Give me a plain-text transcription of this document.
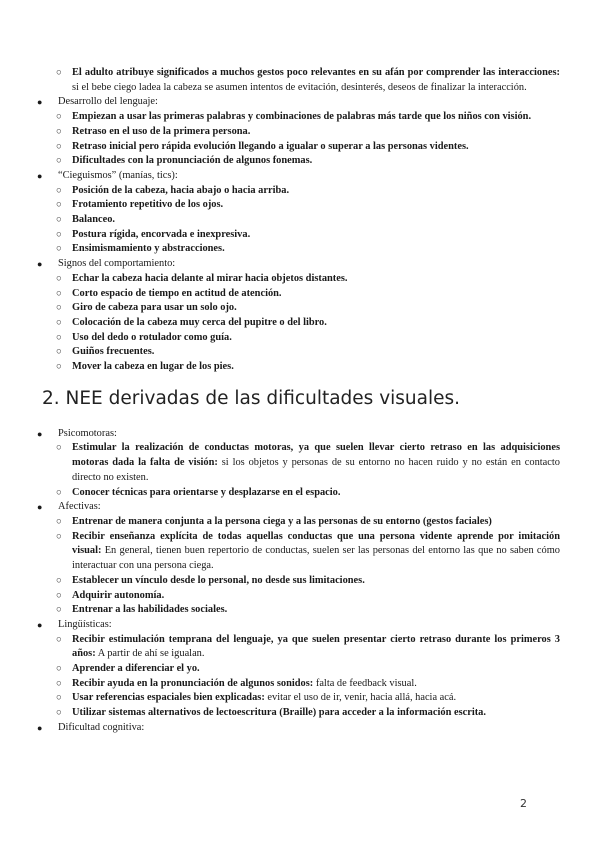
○ El adulto atribuye significados a muchos gestos poco relevantes en su afán por comprender las interacciones: si el bebe ciego ladea la cabeza se asumen intentos de evitación, desinterés, deseos de finalizar la interacción.
● Desarrollo del lenguaje:
○ Empiezan a usar las primeras palabras y combinaciones de palabras más tarde que los niños con visión.
○ Retraso en el uso de la primera persona.
○ Retraso inicial pero rápida evolución llegando a igualar o superar a las personas videntes.
○ Dificultades con la pronunciación de algunos fonemas.
● “Cieguismos” (manías, tics):
○ Posición de la cabeza, hacia abajo o hacia arriba.
○ Frotamiento repetitivo de los ojos.
○ Balanceo.
○ Postura rígida, encorvada e inexpresiva.
○ Ensimismamiento y abstracciones.
● Signos del comportamiento:
○ Echar la cabeza hacia delante al mirar hacia objetos distantes.
○ Corto espacio de tiempo en actitud de atención.
○ Giro de cabeza para usar un solo ojo.
○ Colocación de la cabeza muy cerca del pupitre o del libro.
○ Uso del dedo o rotulador como guía.
○ Guiños frecuentes.
○ Mover la cabeza en lugar de los pies.
2. NEE derivadas de las dificultades visuales.
● Psicomotoras:
○ Estimular la realización de conductas motoras, ya que suelen llevar cierto retraso en las adquisiciones motoras dada la falta de visión: si los objetos y personas de su entorno no hacen ruido y no están en contacto directo no existen.
○ Conocer técnicas para orientarse y desplazarse en el espacio.
● Afectivas:
○ Entrenar de manera conjunta a la persona ciega y a las personas de su entorno (gestos faciales)
○ Recibir enseñanza explícita de todas aquellas conductas que una persona vidente aprende por imitación visual: En general, tienen buen repertorio de conductas, suelen ser las personas del entorno las que no saben cómo interactuar con una persona ciega.
○ Establecer un vínculo desde lo personal, no desde sus limitaciones.
○ Adquirir autonomía.
○ Entrenar a las habilidades sociales.
● Lingüísticas:
○ Recibir estimulación temprana del lenguaje, ya que suelen presentar cierto retraso durante los primeros 3 años: A partir de ahí se igualan.
○ Aprender a diferenciar el yo.
○ Recibir ayuda en la pronunciación de algunos sonidos: falta de feedback visual.
○ Usar referencias espaciales bien explicadas: evitar el uso de ir, venir, hacia allá, hacia acá.
○ Utilizar sistemas alternativos de lectoescritura (Braille) para acceder a la información escrita.
● Dificultad cognitiva:
2
